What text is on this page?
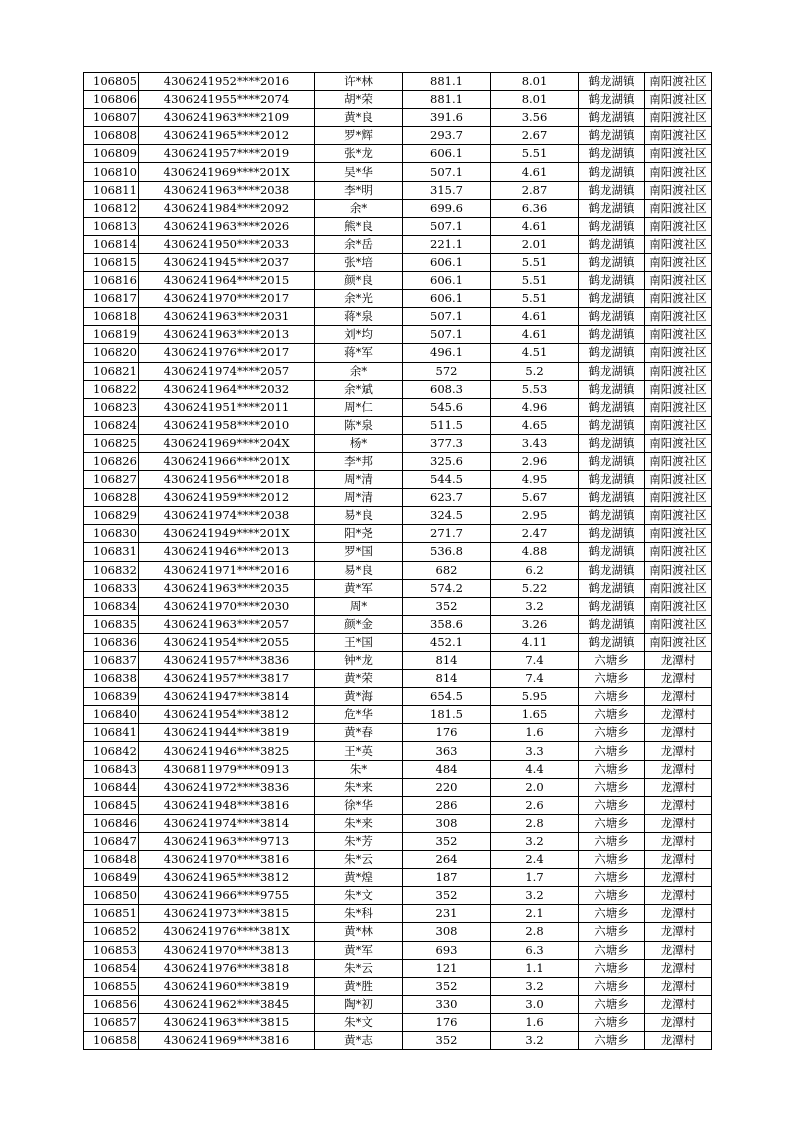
106805	4306241952****2016	许*林	881.1	8.01	鹤龙湖镇	南阳渡社区
106806	4306241955****2074	胡*荣	881.1	8.01	鹤龙湖镇	南阳渡社区
106807	4306241963****2109	黄*良	391.6	3.56	鹤龙湖镇	南阳渡社区
106808	4306241965****2012	罗*辉	293.7	2.67	鹤龙湖镇	南阳渡社区
106809	4306241957****2019	张*龙	606.1	5.51	鹤龙湖镇	南阳渡社区
106810	4306241969****201X	吴*华	507.1	4.61	鹤龙湖镇	南阳渡社区
106811	4306241963****2038	李*明	315.7	2.87	鹤龙湖镇	南阳渡社区
106812	4306241984****2092	余*	699.6	6.36	鹤龙湖镇	南阳渡社区
106813	4306241963****2026	熊*良	507.1	4.61	鹤龙湖镇	南阳渡社区
106814	4306241950****2033	余*岳	221.1	2.01	鹤龙湖镇	南阳渡社区
106815	4306241945****2037	张*培	606.1	5.51	鹤龙湖镇	南阳渡社区
106816	4306241964****2015	颜*良	606.1	5.51	鹤龙湖镇	南阳渡社区
106817	4306241970****2017	余*光	606.1	5.51	鹤龙湖镇	南阳渡社区
106818	4306241963****2031	蒋*泉	507.1	4.61	鹤龙湖镇	南阳渡社区
106819	4306241963****2013	刘*均	507.1	4.61	鹤龙湖镇	南阳渡社区
106820	4306241976****2017	蒋*军	496.1	4.51	鹤龙湖镇	南阳渡社区
106821	4306241974****2057	余*	572	5.2	鹤龙湖镇	南阳渡社区
106822	4306241964****2032	余*斌	608.3	5.53	鹤龙湖镇	南阳渡社区
106823	4306241951****2011	周*仁	545.6	4.96	鹤龙湖镇	南阳渡社区
106824	4306241958****2010	陈*泉	511.5	4.65	鹤龙湖镇	南阳渡社区
106825	4306241969****204X	杨*	377.3	3.43	鹤龙湖镇	南阳渡社区
106826	4306241966****201X	李*邦	325.6	2.96	鹤龙湖镇	南阳渡社区
106827	4306241956****2018	周*清	544.5	4.95	鹤龙湖镇	南阳渡社区
106828	4306241959****2012	周*清	623.7	5.67	鹤龙湖镇	南阳渡社区
106829	4306241974****2038	易*良	324.5	2.95	鹤龙湖镇	南阳渡社区
106830	4306241949****201X	阳*尧	271.7	2.47	鹤龙湖镇	南阳渡社区
106831	4306241946****2013	罗*国	536.8	4.88	鹤龙湖镇	南阳渡社区
106832	4306241971****2016	易*良	682	6.2	鹤龙湖镇	南阳渡社区
106833	4306241963****2035	黄*军	574.2	5.22	鹤龙湖镇	南阳渡社区
106834	4306241970****2030	周*	352	3.2	鹤龙湖镇	南阳渡社区
106835	4306241963****2057	颜*金	358.6	3.26	鹤龙湖镇	南阳渡社区
106836	4306241954****2055	王*国	452.1	4.11	鹤龙湖镇	南阳渡社区
106837	4306241957****3836	钟*龙	814	7.4	六塘乡	龙潭村
106838	4306241957****3817	黄*荣	814	7.4	六塘乡	龙潭村
106839	4306241947****3814	黄*海	654.5	5.95	六塘乡	龙潭村
106840	4306241954****3812	危*华	181.5	1.65	六塘乡	龙潭村
106841	4306241944****3819	黄*春	176	1.6	六塘乡	龙潭村
106842	4306241946****3825	王*英	363	3.3	六塘乡	龙潭村
106843	4306811979****0913	朱*	484	4.4	六塘乡	龙潭村
106844	4306241972****3836	朱*来	220	2.0	六塘乡	龙潭村
106845	4306241948****3816	徐*华	286	2.6	六塘乡	龙潭村
106846	4306241974****3814	朱*来	308	2.8	六塘乡	龙潭村
106847	4306241963****9713	朱*芳	352	3.2	六塘乡	龙潭村
106848	4306241970****3816	朱*云	264	2.4	六塘乡	龙潭村
106849	4306241965****3812	黄*煌	187	1.7	六塘乡	龙潭村
106850	4306241966****9755	朱*文	352	3.2	六塘乡	龙潭村
106851	4306241973****3815	朱*科	231	2.1	六塘乡	龙潭村
106852	4306241976****381X	黄*林	308	2.8	六塘乡	龙潭村
106853	4306241970****3813	黄*军	693	6.3	六塘乡	龙潭村
106854	4306241976****3818	朱*云	121	1.1	六塘乡	龙潭村
106855	4306241960****3819	黄*胜	352	3.2	六塘乡	龙潭村
106856	4306241962****3845	陶*初	330	3.0	六塘乡	龙潭村
106857	4306241963****3815	朱*文	176	1.6	六塘乡	龙潭村
106858	4306241969****3816	黄*志	352	3.2	六塘乡	龙潭村
